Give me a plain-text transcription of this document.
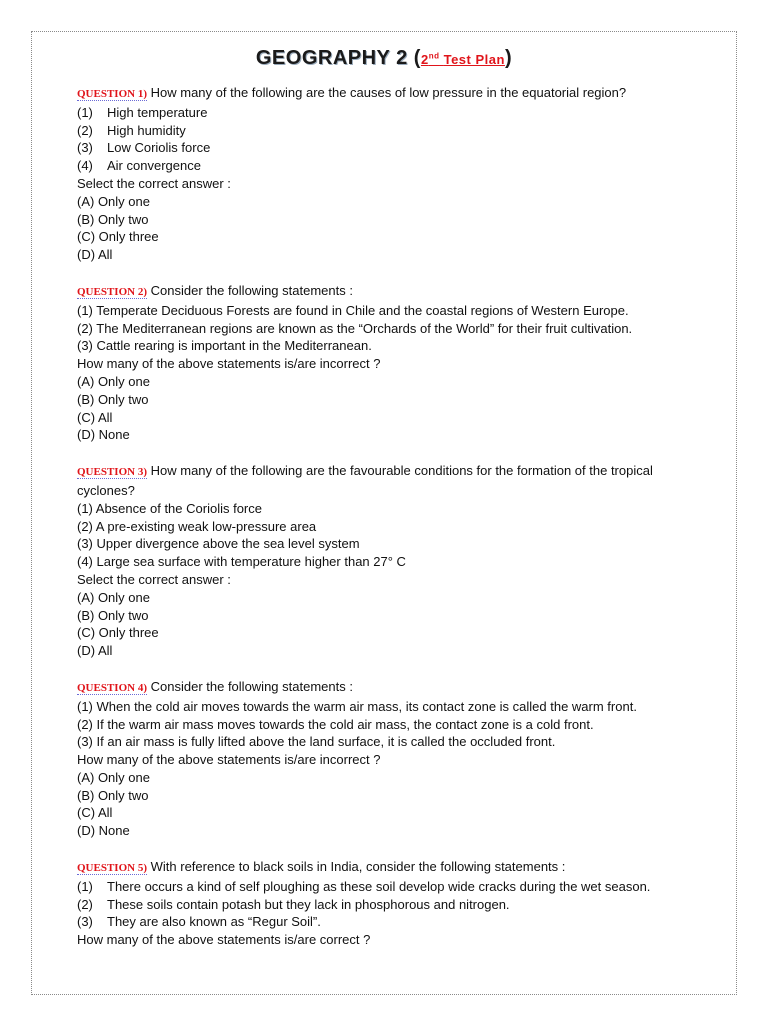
GEOGRAPHY 2 (2nd Test Plan)
QUESTION 1) How many of the following are the causes of low pressure in the equatorial region?
(1) High temperature
(2) High humidity
(3) Low Coriolis force
(4) Air convergence
Select the correct answer :
(A) Only one
(B) Only two
(C) Only three
(D) All
QUESTION 2) Consider the following statements :
(1) Temperate Deciduous Forests are found in Chile and the coastal regions of Western Europe.
(2) The Mediterranean regions are known as the “Orchards of the World” for their fruit cultivation.
(3) Cattle rearing is important in the Mediterranean.
How many of the above statements is/are incorrect ?
(A) Only one
(B) Only two
(C) All
(D) None
QUESTION 3) How many of the following are the favourable conditions for the formation of the tropical cyclones?
(1) Absence of the Coriolis force
(2) A pre-existing weak low-pressure area
(3) Upper divergence above the sea level system
(4) Large sea surface with temperature higher than 27° C
Select the correct answer :
(A) Only one
(B) Only two
(C) Only three
(D) All
QUESTION 4) Consider the following statements :
(1) When the cold air moves towards the warm air mass, its contact zone is called the warm front.
(2) If the warm air mass moves towards the cold air mass, the contact zone is a cold front.
(3) If an air mass is fully lifted above the land surface, it is called the occluded front.
How many of the above statements is/are incorrect ?
(A) Only one
(B) Only two
(C) All
(D) None
QUESTION 5) With reference to black soils in India, consider the following statements :
(1) There occurs a kind of self ploughing as these soil develop wide cracks during the wet season.
(2) These soils contain potash but they lack in phosphorous and nitrogen.
(3) They are also known as “Regur Soil”.
How many of the above statements is/are correct ?
